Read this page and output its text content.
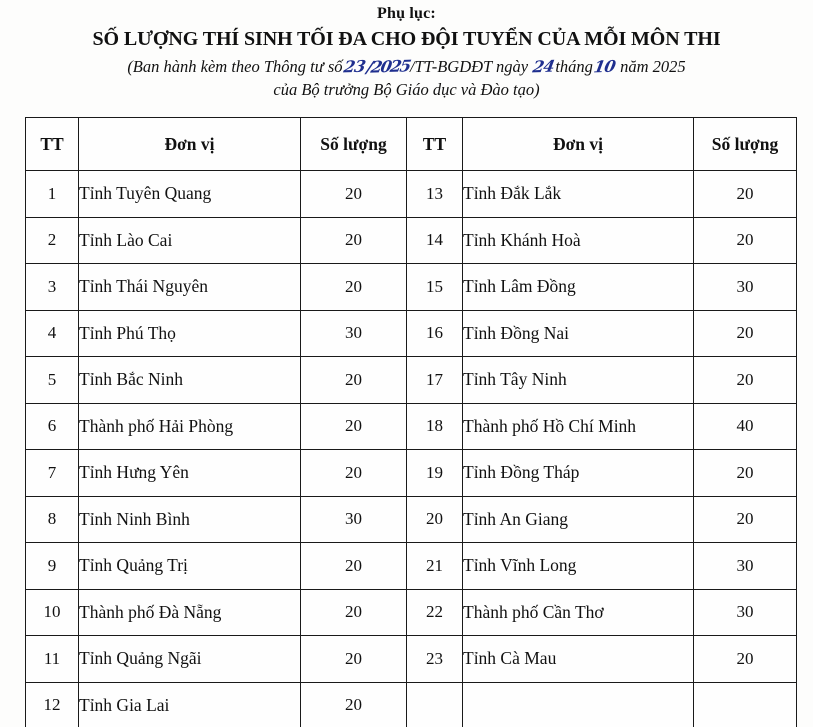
Phụ lục:
SỐ LƯỢNG THÍ SINH TỐI ĐA CHO ĐỘI TUYỂN CỦA MỖI MÔN THI
(Ban hành kèm theo Thông tư số23/2025/TT-BGDĐT ngày 24tháng10 năm 2025
của Bộ trưởng Bộ Giáo dục và Đào tạo)
TT	Đơn vị	Số lượng	TT	Đơn vị	Số lượng
1	Tỉnh Tuyên Quang	20	13	Tỉnh Đắk Lắk	20
2	Tỉnh Lào Cai	20	14	Tỉnh Khánh Hoà	20
3	Tỉnh Thái Nguyên	20	15	Tỉnh Lâm Đồng	30
4	Tỉnh Phú Thọ	30	16	Tỉnh Đồng Nai	20
5	Tỉnh Bắc Ninh	20	17	Tỉnh Tây Ninh	20
6	Thành phố Hải Phòng	20	18	Thành phố Hồ Chí Minh	40
7	Tỉnh Hưng Yên	20	19	Tỉnh Đồng Tháp	20
8	Tỉnh Ninh Bình	30	20	Tỉnh An Giang	20
9	Tỉnh Quảng Trị	20	21	Tỉnh Vĩnh Long	30
10	Thành phố Đà Nẵng	20	22	Thành phố Cần Thơ	30
11	Tỉnh Quảng Ngãi	20	23	Tỉnh Cà Mau	20
12	Tỉnh Gia Lai	20			
